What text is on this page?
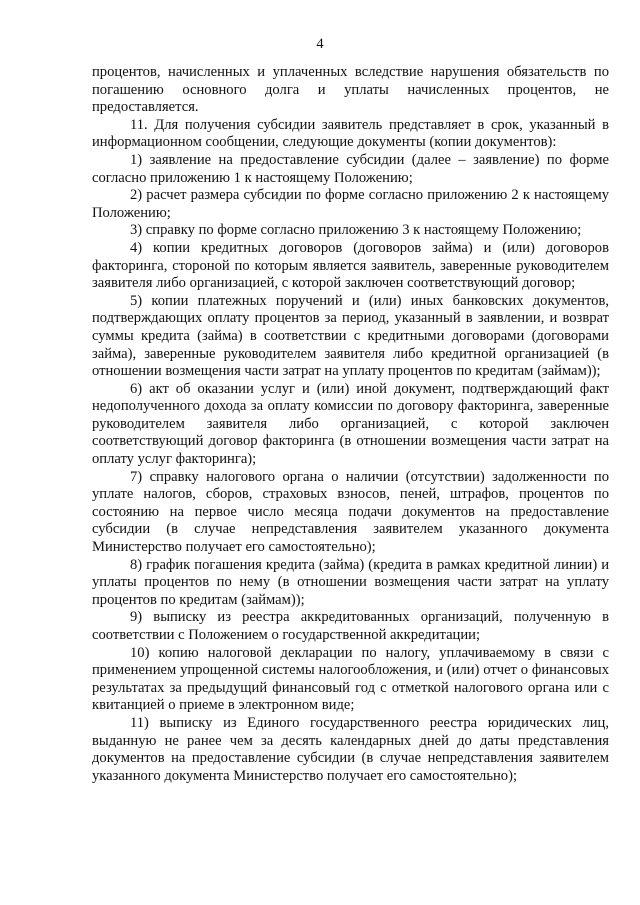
4

процентов, начисленных и уплаченных вследствие нарушения обязательств по погашению основного долга и уплаты начисленных процентов, не предоставляется.

11. Для получения субсидии заявитель представляет в срок, указанный в информационном сообщении, следующие документы (копии документов):

1) заявление на предоставление субсидии (далее – заявление) по форме согласно приложению 1 к настоящему Положению;

2) расчет размера субсидии по форме согласно приложению 2 к настоящему Положению;

3) справку по форме согласно приложению 3 к настоящему Положению;

4) копии кредитных договоров (договоров займа) и (или) договоров факторинга, стороной по которым является заявитель, заверенные руководителем заявителя либо организацией, с которой заключен соответствующий договор;

5) копии платежных поручений и (или) иных банковских документов, подтверждающих оплату процентов за период, указанный в заявлении, и возврат суммы кредита (займа) в соответствии с кредитными договорами (договорами займа), заверенные руководителем заявителя либо кредитной организацией (в отношении возмещения части затрат на уплату процентов по кредитам (займам));

6) акт об оказании услуг и (или) иной документ, подтверждающий факт недополученного дохода за оплату комиссии по договору факторинга, заверенные руководителем заявителя либо организацией, с которой заключен соответствующий договор факторинга (в отношении возмещения части затрат на оплату услуг факторинга);

7) справку налогового органа о наличии (отсутствии) задолженности по уплате налогов, сборов, страховых взносов, пеней, штрафов, процентов по состоянию на первое число месяца подачи документов на предоставление субсидии (в случае непредставления заявителем указанного документа Министерство получает его самостоятельно);

8) график погашения кредита (займа) (кредита в рамках кредитной линии) и уплаты процентов по нему (в отношении возмещения части затрат на уплату процентов по кредитам (займам));

9) выписку из реестра аккредитованных организаций, полученную в соответствии с Положением о государственной аккредитации;

10) копию налоговой декларации по налогу, уплачиваемому в связи с применением упрощенной системы налогообложения, и (или) отчет о финансовых результатах за предыдущий финансовый год с отметкой налогового органа или с квитанцией о приеме в электронном виде;

11) выписку из Единого государственного реестра юридических лиц, выданную не ранее чем за десять календарных дней до даты представления документов на предоставление субсидии (в случае непредставления заявителем указанного документа Министерство получает его самостоятельно);
